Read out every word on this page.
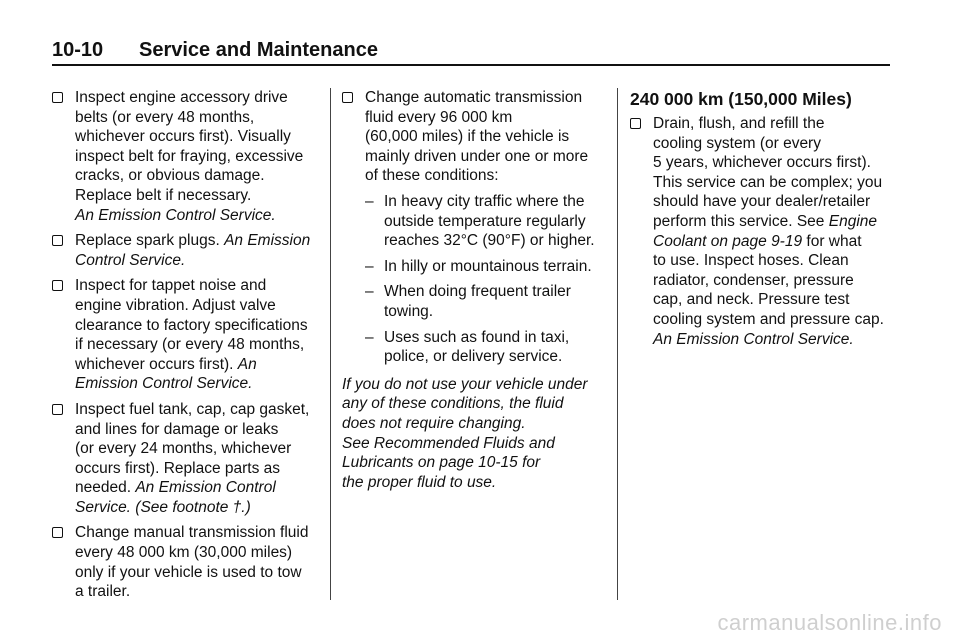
10-10 Service and Maintenance
Inspect engine accessory drive
belts (or every 48 months,
whichever occurs first). Visually
inspect belt for fraying, excessive
cracks, or obvious damage.
Replace belt if necessary.
An Emission Control Service.
Replace spark plugs. An Emission
Control Service.
Inspect for tappet noise and
engine vibration. Adjust valve
clearance to factory specifications
if necessary (or every 48 months,
whichever occurs first). An
Emission Control Service.
Inspect fuel tank, cap, cap gasket,
and lines for damage or leaks
(or every 24 months, whichever
occurs first). Replace parts as
needed. An Emission Control
Service. (See footnote †.)
Change manual transmission fluid
every 48 000 km (30,000 miles)
only if your vehicle is used to tow
a trailer.
Change automatic transmission
fluid every 96 000 km
(60,000 miles) if the vehicle is
mainly driven under one or more
of these conditions:
– In heavy city traffic where the
outside temperature regularly
reaches 32°C (90°F) or higher.
– In hilly or mountainous terrain.
– When doing frequent trailer
towing.
– Uses such as found in taxi,
police, or delivery service.
If you do not use your vehicle under
any of these conditions, the fluid
does not require changing.
See Recommended Fluids and
Lubricants on page 10-15 for
the proper fluid to use.
240 000 km (150,000 Miles)
Drain, flush, and refill the
cooling system (or every
5 years, whichever occurs first).
This service can be complex; you
should have your dealer/retailer
perform this service. See Engine
Coolant on page 9-19 for what
to use. Inspect hoses. Clean
radiator, condenser, pressure
cap, and neck. Pressure test
cooling system and pressure cap.
An Emission Control Service.
carmanualsonline.info
